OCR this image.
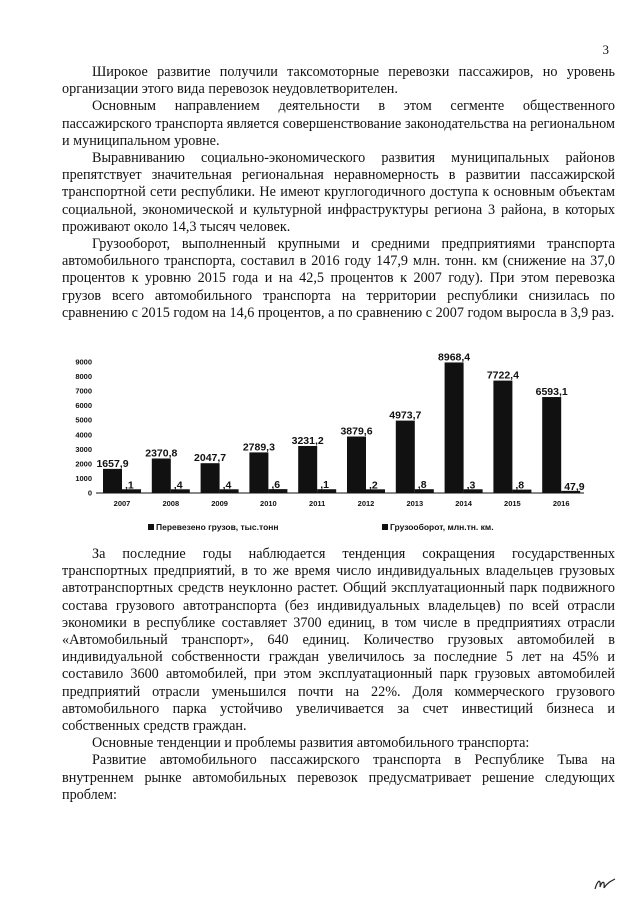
3

Широкое развитие получили таксомоторные перевозки пассажиров, но уровень организации этого вида перевозок неудовлетворителен.

Основным направлением деятельности в этом сегменте общественного пассажирского транспорта является совершенствование законодательства на региональном и муниципальном уровне.

Выравниванию социально-экономического развития муниципальных районов препятствует значительная региональная неравномерность в развитии пассажирской транспортной сети республики. Не имеют круглогодичного доступа к основным объектам социальной, экономической и культурной инфраструктуры региона 3 района, в которых проживают около 14,3 тысяч человек.

Грузооборот, выполненный крупными и средними предприятиями транспорта автомобильного транспорта, составил в 2016 году 147,9 млн. тонн. км (снижение на 37,0 процентов к уровню 2015 года и на 42,5 процентов к 2007 году). При этом перевозка грузов всего автомобильного транспорта на территории республики снизилась по сравнению с 2015 годом на 14,6 процентов, а по сравнению с 2007 годом выросла в 3,9 раз.

0
1000
2000
3000
4000
5000
6000
7000
8000
9000
1657,9
,1
2007
2370,8
,4
2008
2047,7
,4
2009
2789,3
,6
2010
3231,2
,1
2011
3879,6
,2
2012
4973,7
,8
2013
8968,4
,3
2014
7722,4
,8
2015
6593,1
47,9
2016
Перевезено грузов, тыс.тонн	Грузооборот, млн.тн. км.

За последние годы наблюдается тенденция сокращения государственных транспортных предприятий, в то же время число индивидуальных владельцев грузовых автотранспортных средств неуклонно растет. Общий эксплуатационный парк подвижного состава грузового автотранспорта (без индивидуальных владельцев) по всей отрасли экономики в республике составляет 3700 единиц, в том числе в предприятиях отрасли «Автомобильный транспорт», 640 единиц. Количество грузовых автомобилей в индивидуальной собственности граждан увеличилось за последние 5 лет на 45% и составило 3600 автомобилей, при этом эксплуатационный парк грузовых автомобилей предприятий отрасли уменьшился почти на 22%. Доля коммерческого грузового автомобильного парка устойчиво увеличивается за счет инвестиций бизнеса и собственных средств граждан.

Основные тенденции и проблемы развития автомобильного транспорта:

Развитие автомобильного пассажирского транспорта в Республике Тыва на внутреннем рынке автомобильных перевозок предусматривает решение следующих проблем:
